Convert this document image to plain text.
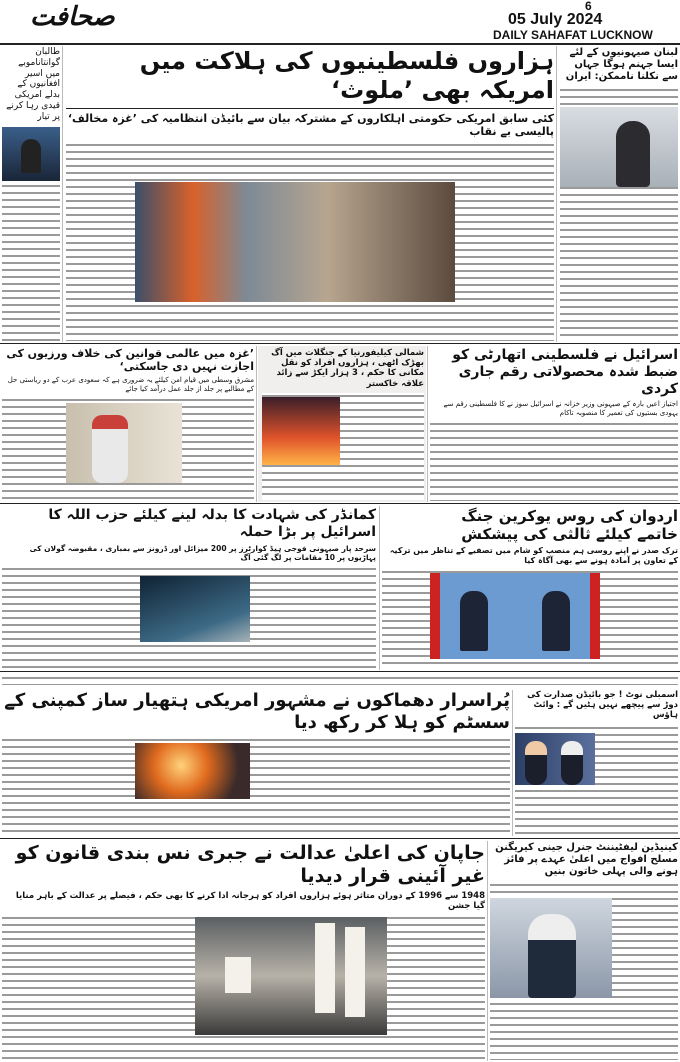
صحافت	6
05 July 2024
DAILY SAHAFAT LUCKNOW
طالبان گوانتاناموبے میں اسیر افغانیوں کے بدلے امریکی قیدی رہا کرنے پر تیار
ہزاروں فلسطینیوں کی ہلاکت میں امریکہ بھی ’ملوث‘
کئی سابق امریکی حکومتی اہلکاروں کے مشترکہ بیان سے بائیڈن انتظامیہ کی ’غزہ مخالف‘ پالیسی بے نقاب
لبنان صیہونیوں کے لئے ایسا جہنم ہوگا جہاں سے نکلنا ناممکن: ایران
اسرائیل نے فلسطینی اتھارٹی کو ضبط شدہ محصولاتی رقم جاری کردی
اجتیاز اعیں بارہ کے صیہونی وزیر خزانہ نے اسرائیل سوز نے کا فلسطینی رقم سے یہودی بستیوں کی تعمیر کا منصوبہ تاکام
شمالی کیلیفورنیا کے جنگلات میں آگ بھڑک اٹھی ، ہزاروں افراد کو نقل مکانی کا حکم ، 3 ہزار ایکڑ سے زائد علاقہ خاکستر
’غزہ میں عالمی قوانین کی خلاف ورزیوں کی اجازت نہیں دی جاسکتی‘
مشرق وسطی میں قیام امن کیلئے یہ ضروری ہے کہ سعودی عرب کے دو ریاستی حل کے مطالبے پر جلد از جلد عمل درآمد کیا جائے
اردوان کی روس یوکرین جنگ خاتمے کیلئے ثالثی کی پیشکش
ترک صدر نے اپنے روسی ہم منصب کو شام میں تصفیے کے تناظر میں ترکیہ کے تعاون پر آمادہ ہونے سے بھی آگاہ کیا
کمانڈر کی شہادت کا بدلہ لینے کیلئے حزب اللہ کا اسرائیل پر بڑا حملہ
سرحد پار صیہونی فوجی ہیڈ کوارٹرز پر 200 میزائل اور ڈرونز سے بمباری ، مقبوضہ گولان کی پہاڑیوں پر 10 مقامات پر لگ گئی آگ
اسمبلی نوٹ ! جو بائیڈن صدارت کی دوڑ سے پیچھے نہیں ہٹیں گے : وائٹ ہاؤس
پُراسرار دھماکوں نے مشہور امریکی ہتھیار ساز کمپنی کے سسٹم کو ہلا کر رکھ دیا
کینیڈین لیفٹیننٹ جنرل جینی کیریگنن مسلح افواج میں اعلیٰ عہدے پر فائز ہونے والی پہلی خاتون بنیں
جاپان کی اعلیٰ عدالت نے جبری نس بندی قانون کو غیر آئینی قرار دیدیا
1948 سے 1996 کے دوران متاثر ہوئے ہزاروں افراد کو ہرجانہ ادا کرنے کا بھی حکم ، فیصلے پر عدالت کے باہر منایا گیا جشن
